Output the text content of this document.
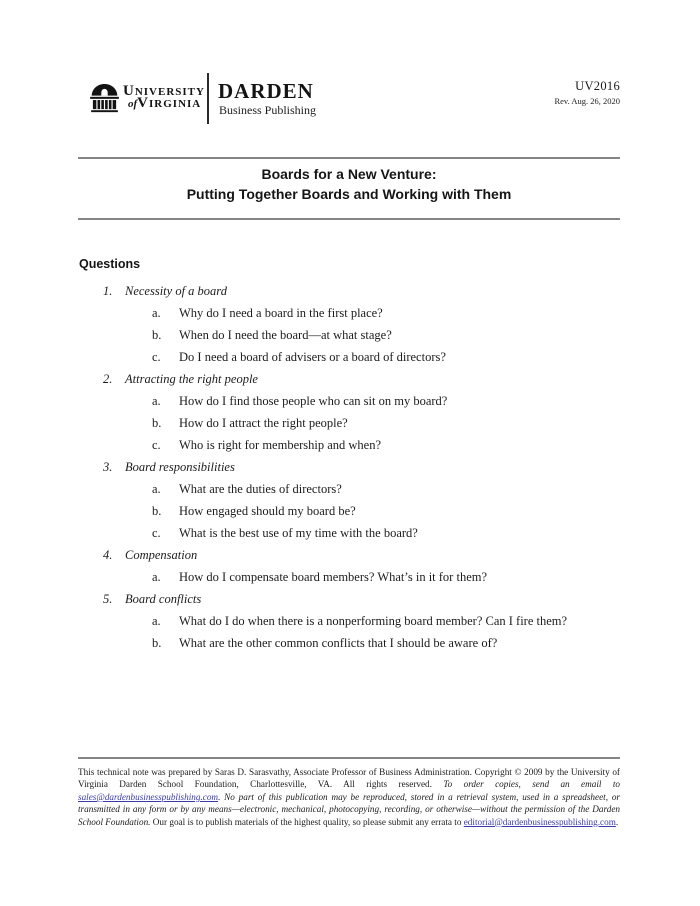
University
ofVirginia DARDEN
Business Publishing
UV2016
Rev. Aug. 26, 2020
Boards for a New Venture:
Putting Together Boards and Working with Them
Questions
1. Necessity of a board
a. Why do I need a board in the first place?
b. When do I need the board—at what stage?
c. Do I need a board of advisers or a board of directors?
2. Attracting the right people
a. How do I find those people who can sit on my board?
b. How do I attract the right people?
c. Who is right for membership and when?
3. Board responsibilities
a. What are the duties of directors?
b. How engaged should my board be?
c. What is the best use of my time with the board?
4. Compensation
a. How do I compensate board members? What’s in it for them?
5. Board conflicts
a. What do I do when there is a nonperforming board member? Can I fire them?
b. What are the other common conflicts that I should be aware of?

This technical note was prepared by Saras D. Sarasvathy, Associate Professor of Business Administration. Copyright © 2009 by the University of Virginia Darden School Foundation, Charlottesville, VA. All rights reserved. To order copies, send an email to sales@dardenbusinesspublishing.com. No part of this publication may be reproduced, stored in a retrieval system, used in a spreadsheet, or transmitted in any form or by any means—electronic, mechanical, photocopying, recording, or otherwise—without the permission of the Darden School Foundation. Our goal is to publish materials of the highest quality, so please submit any errata to editorial@dardenbusinesspublishing.com.
